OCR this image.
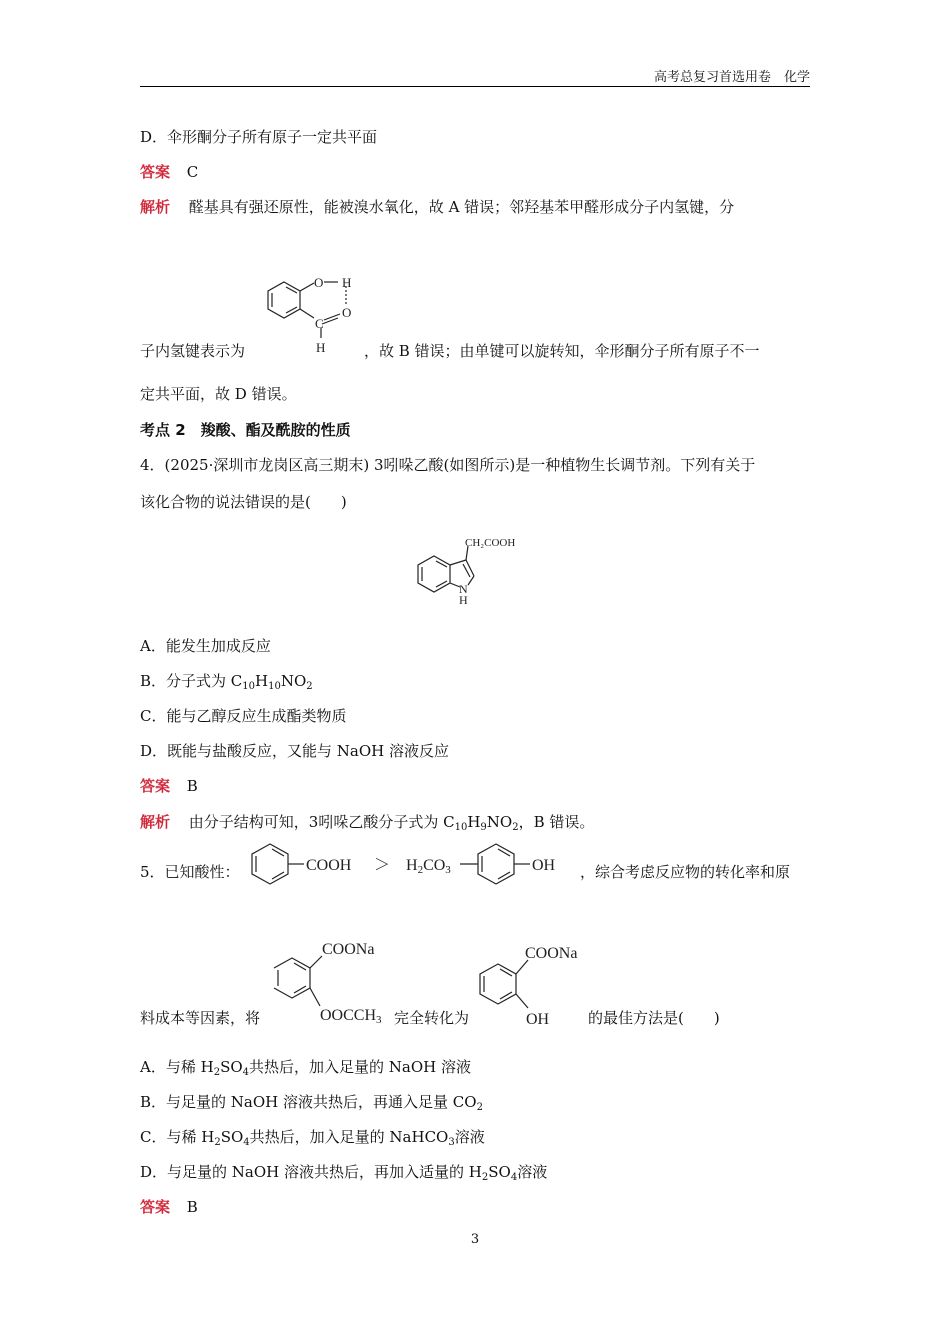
高考总复习首选用卷　化学
D．伞形酮分子所有原子一定共平面
答案 C
解析 醛基具有强还原性，能被溴水氧化，故 A 错误；邻羟基苯甲醛形成分子内氢键，分
O H
C
O
H
子内氢键表示为	，故 B 错误；由单键可以旋转知，伞形酮分子所有原子不一
定共平面，故 D 错误。
考点 2　羧酸、酯及酰胺的性质
4．(2025·深圳市龙岗区高三期末) 3吲哚乙酸(如图所示)是一种植物生长调节剂。下列有关于
该化合物的说法错误的是(　　)
CH₂COOH
N
H
A．能发生加成反应
B．分子式为 $C_{10}H_{10}NO_2$
C．能与乙醇反应生成酯类物质
D．既能与盐酸反应，又能与 NaOH 溶液反应
答案 B
解析 由分子结构可知，3吲哚乙酸分子式为 $C_{10}H_9NO_2$，B 错误。
5．已知酸性：	COOH ＞ H2CO3	OH ，综合考虑反应物的转化率和原
料成本等因素，将
COONa
OOCCH3 完全转化为
COONa
OH	的最佳方法是(　　)
A．与稀 $H_2SO_4$共热后，加入足量的 NaOH 溶液
B．与足量的 NaOH 溶液共热后，再通入足量 $CO_2$
C．与稀 $H_2SO_4$共热后，加入足量的 NaHCO$_3$溶液
D．与足量的 NaOH 溶液共热后，再加入适量的 $H_2SO_4$溶液
答案 B
3
